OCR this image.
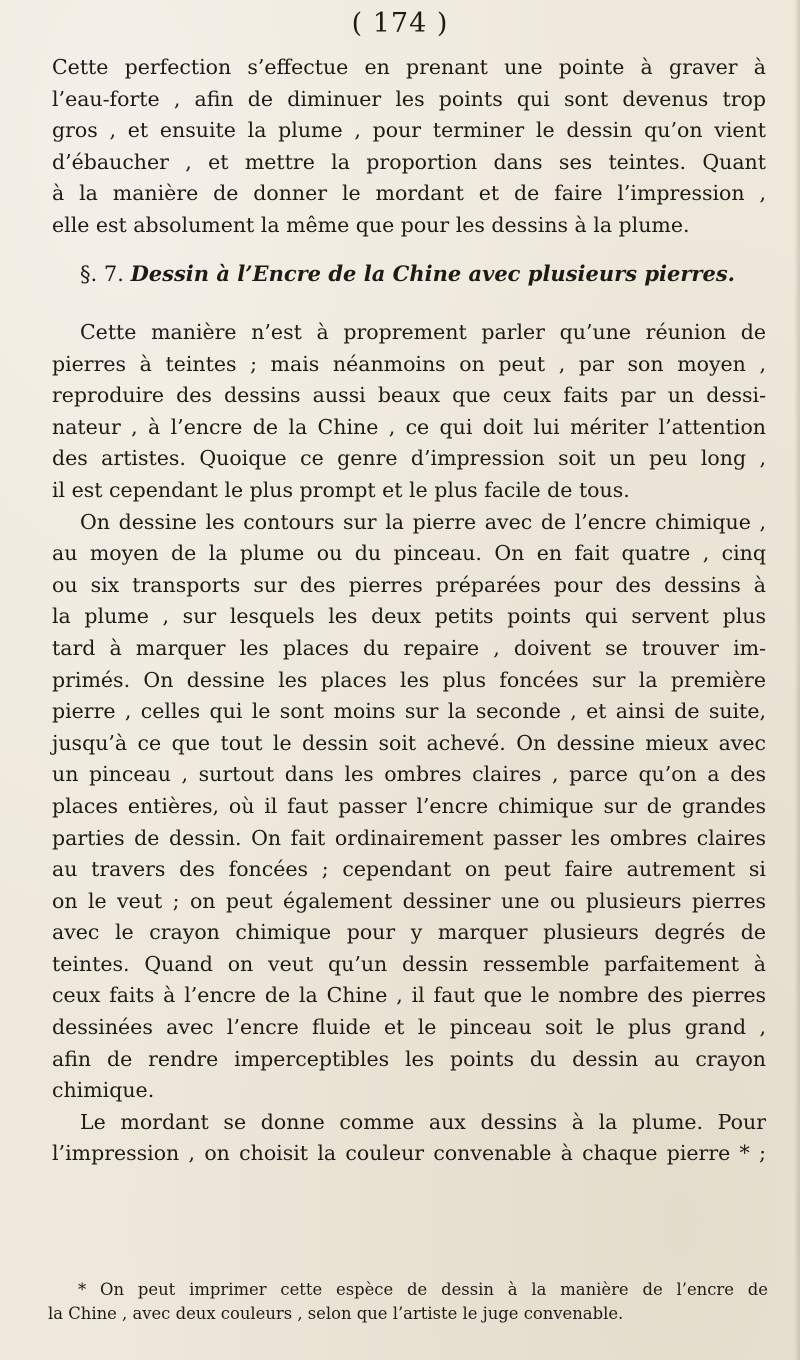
( 174 )
Cette perfection s’effectue en prenant une pointe à graver à
l’eau-forte , afin de diminuer les points qui sont devenus trop
gros , et ensuite la plume , pour terminer le dessin qu’on vient
d’ébaucher , et mettre la proportion dans ses teintes. Quant
à la manière de donner le mordant et de faire l’impression ,
elle est absolument la même que pour les dessins à la plume.
§. 7. Dessin à l’Encre de la Chine avec plusieurs pierres.
Cette manière n’est à proprement parler qu’une réunion de
pierres à teintes ; mais néanmoins on peut , par son moyen ,
reproduire des dessins aussi beaux que ceux faits par un dessi-
nateur , à l’encre de la Chine , ce qui doit lui mériter l’attention
des artistes. Quoique ce genre d’impression soit un peu long ,
il est cependant le plus prompt et le plus facile de tous.
On dessine les contours sur la pierre avec de l’encre chimique ,
au moyen de la plume ou du pinceau. On en fait quatre , cinq
ou six transports sur des pierres préparées pour des dessins à
la plume , sur lesquels les deux petits points qui servent plus
tard à marquer les places du repaire , doivent se trouver im-
primés. On dessine les places les plus foncées sur la première
pierre , celles qui le sont moins sur la seconde , et ainsi de suite,
jusqu’à ce que tout le dessin soit achevé. On dessine mieux avec
un pinceau , surtout dans les ombres claires , parce qu’on a des
places entières, où il faut passer l’encre chimique sur de grandes
parties de dessin. On fait ordinairement passer les ombres claires
au travers des foncées ; cependant on peut faire autrement si
on le veut ; on peut également dessiner une ou plusieurs pierres
avec le crayon chimique pour y marquer plusieurs degrés de
teintes. Quand on veut qu’un dessin ressemble parfaitement à
ceux faits à l’encre de la Chine , il faut que le nombre des pierres
dessinées avec l’encre fluide et le pinceau soit le plus grand ,
afin de rendre imperceptibles les points du dessin au crayon
chimique.
Le mordant se donne comme aux dessins à la plume. Pour
l’impression , on choisit la couleur convenable à chaque pierre * ;
* On peut imprimer cette espèce de dessin à la manière de l’encre de
la Chine , avec deux couleurs , selon que l’artiste le juge convenable.
